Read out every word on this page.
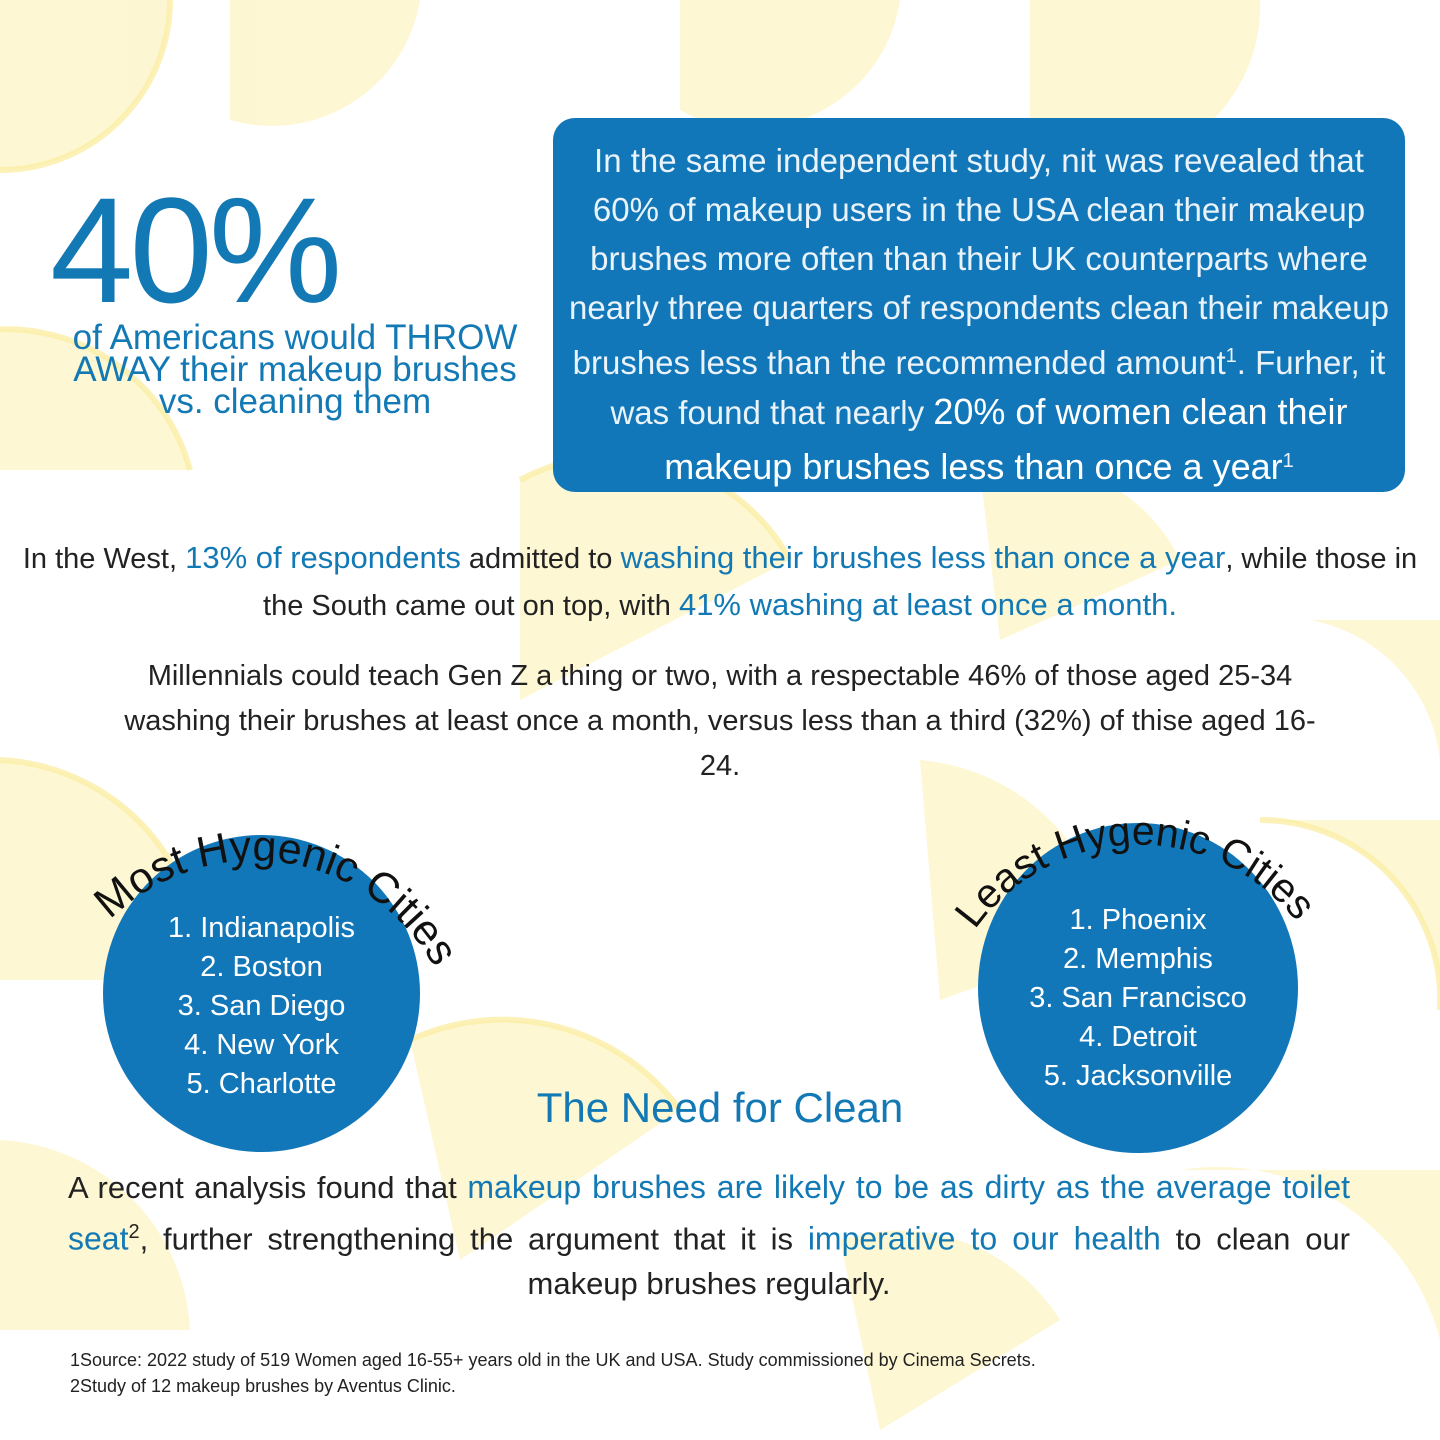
40%
of Americans would THROW
AWAY their makeup brushes
vs. cleaning them
In the same independent study, nit was revealed that 60% of makeup users in the USA clean their makeup brushes more often than their UK counterparts where nearly three quarters of respondents clean their makeup brushes less than the recommended amount$^1$. Furher, it was found that nearly 20% of women clean their makeup brushes less than once a year$^1$
In the West, 13% of respondents admitted to washing their brushes less than once a year, while those in the South came out on top, with 41% washing at least once a month.
Millennials could teach Gen Z a thing or two, with a respectable 46% of those aged 25-34 washing their brushes at least once a month, versus less than a third (32%) of thise aged 16-24.
1. Indianapolis
2. Boston
3. San Diego
4. New York
5. Charlotte
Most Hygenic Cities
1. Phoenix
2. Memphis
3. San Francisco
4. Detroit
5. Jacksonville
Least Hygenic Cities
The Need for Clean
A recent analysis found that makeup brushes are likely to be as dirty as the average toilet seat$^2$, further strengthening the argument that it is imperative to our health to clean our makeup brushes regularly.
1Source: 2022 study of 519 Women aged 16-55+ years old in the UK and USA. Study commissioned by Cinema Secrets.
2Study of 12 makeup brushes by Aventus Clinic.
